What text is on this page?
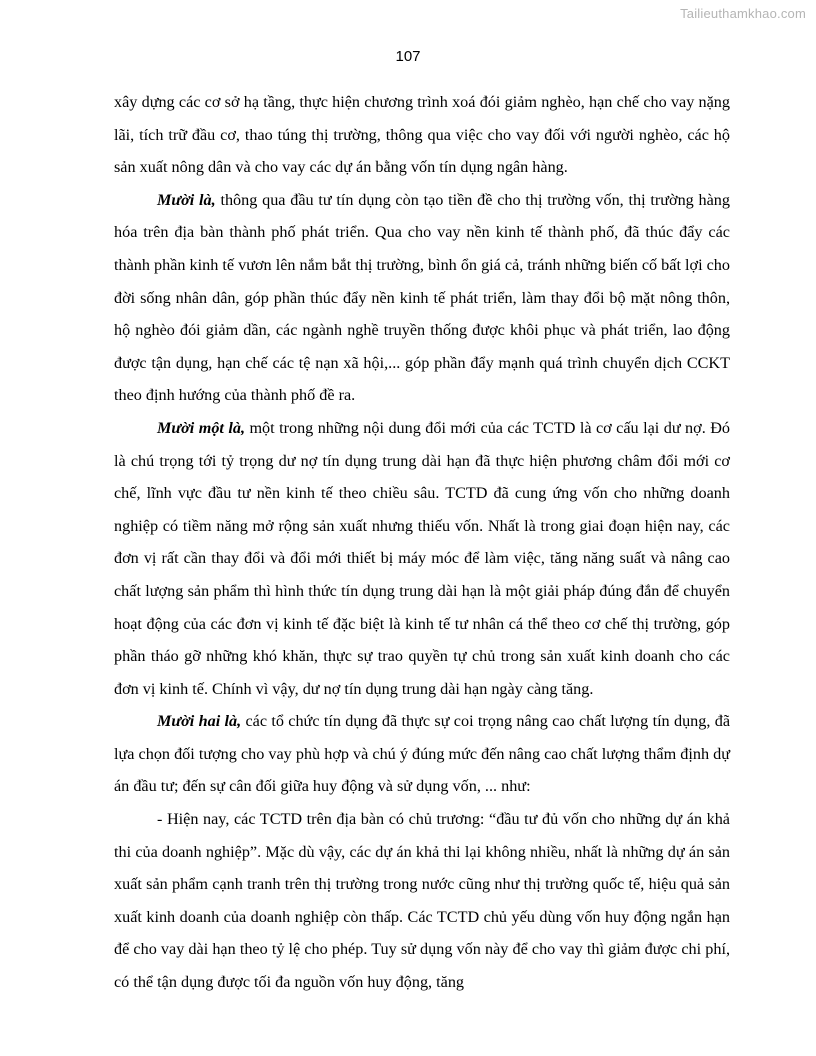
Tailieuthamkhao.com
107

xây dựng các cơ sở hạ tầng, thực hiện chương trình xoá đói giảm nghèo, hạn chế cho vay nặng lãi, tích trữ đầu cơ, thao túng thị trường, thông qua việc cho vay đối với người nghèo, các hộ sản xuất nông dân và cho vay các dự án bằng vốn tín dụng ngân hàng.

Mười là, thông qua đầu tư tín dụng còn tạo tiền đề cho thị trường vốn, thị trường hàng hóa trên địa bàn thành phố phát triển. Qua cho vay nền kinh tế thành phố, đã thúc đẩy các thành phần kinh tế vươn lên nắm bắt thị trường, bình ổn giá cả, tránh những biến cố bất lợi cho đời sống nhân dân, góp phần thúc đẩy nền kinh tế phát triển, làm thay đổi bộ mặt nông thôn, hộ nghèo đói giảm dần, các ngành nghề truyền thống được khôi phục và phát triển, lao động được tận dụng, hạn chế các tệ nạn xã hội,... góp phần đẩy mạnh quá trình chuyển dịch CCKT theo định hướng của thành phố đề ra.

Mười một là, một trong những nội dung đổi mới của các TCTD là cơ cấu lại dư nợ. Đó là chú trọng tới tỷ trọng dư nợ tín dụng trung dài hạn đã thực hiện phương châm đổi mới cơ chế, lĩnh vực đầu tư nền kinh tế theo chiều sâu. TCTD đã cung ứng vốn cho những doanh nghiệp có tiềm năng mở rộng sản xuất nhưng thiếu vốn. Nhất là trong giai đoạn hiện nay, các đơn vị rất cần thay đổi và đổi mới thiết bị máy móc để làm việc, tăng năng suất và nâng cao chất lượng sản phẩm thì hình thức tín dụng trung dài hạn là một giải pháp đúng đắn để chuyển hoạt động của các đơn vị kinh tế đặc biệt là kinh tế tư nhân cá thể theo cơ chế thị trường, góp phần tháo gỡ những khó khăn, thực sự trao quyền tự chủ trong sản xuất kinh doanh cho các đơn vị kinh tế. Chính vì vậy, dư nợ tín dụng trung dài hạn ngày càng tăng.

Mười hai là, các tổ chức tín dụng đã thực sự coi trọng nâng cao chất lượng tín dụng, đã lựa chọn đối tượng cho vay phù hợp và chú ý đúng mức đến nâng cao chất lượng thẩm định dự án đầu tư; đến sự cân đối giữa huy động và sử dụng vốn, ... như:

- Hiện nay, các TCTD trên địa bàn có chủ trương: “đầu tư đủ vốn cho những dự án khả thi của doanh nghiệp”. Mặc dù vậy, các dự án khả thi lại không nhiều, nhất là những dự án sản xuất sản phẩm cạnh tranh trên thị trường trong nước cũng như thị trường quốc tế, hiệu quả sản xuất kinh doanh của doanh nghiệp còn thấp. Các TCTD chủ yếu dùng vốn huy động ngắn hạn để cho vay dài hạn theo tỷ lệ cho phép. Tuy sử dụng vốn này để cho vay thì giảm được chi phí, có thể tận dụng được tối đa nguồn vốn huy động, tăng
